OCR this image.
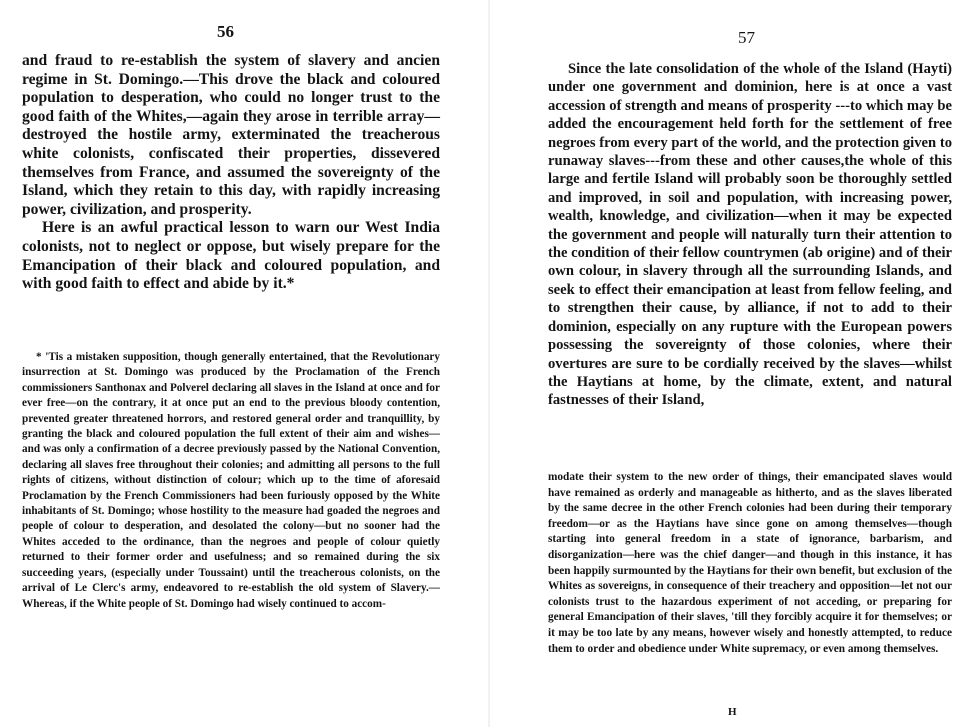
56

and fraud to re-establish the system of slavery and ancien regime in St. Domingo.—This drove the black and coloured population to desperation, who could no longer trust to the good faith of the Whites,—again they arose in terrible array—destroyed the hostile army, exterminated the treacherous white colonists, confiscated their properties, dissevered themselves from France, and assumed the sovereignty of the Island, which they retain to this day, with rapidly increasing power, civilization, and prosperity.

Here is an awful practical lesson to warn our West India colonists, not to neglect or oppose, but wisely prepare for the Emancipation of their black and coloured population, and with good faith to effect and abide by it.*

* 'Tis a mistaken supposition, though generally entertained, that the Revolutionary insurrection at St. Domingo was produced by the Proclamation of the French commissioners Santhonax and Polverel declaring all slaves in the Island at once and for ever free—on the contrary, it at once put an end to the previous bloody contention, prevented greater threatened horrors, and restored general order and tranquillity, by granting the black and coloured population the full extent of their aim and wishes—and was only a confirmation of a decree previously passed by the National Convention, declaring all slaves free throughout their colonies; and admitting all persons to the full rights of citizens, without distinction of colour; which up to the time of aforesaid Proclamation by the French Commissioners had been furiously opposed by the White inhabitants of St. Domingo; whose hostility to the measure had goaded the negroes and people of colour to desperation, and desolated the colony—but no sooner had the Whites acceded to the ordinance, than the negroes and people of colour quietly returned to their former order and usefulness; and so remained during the six succeeding years, (especially under Toussaint) until the treacherous colonists, on the arrival of Le Clerc's army, endeavored to re-establish the old system of Slavery.—Whereas, if the White people of St. Domingo had wisely continued to accom-

57

Since the late consolidation of the whole of the Island (Hayti) under one government and dominion, here is at once a vast accession of strength and means of prosperity ---to which may be added the encouragement held forth for the settlement of free negroes from every part of the world, and the protection given to runaway slaves---from these and other causes,the whole of this large and fertile Island will probably soon be thoroughly settled and improved, in soil and population, with increasing power, wealth, knowledge, and civilization—when it may be expected the government and people will naturally turn their attention to the condition of their fellow countrymen (ab origine) and of their own colour, in slavery through all the surrounding Islands, and seek to effect their emancipation at least from fellow feeling, and to strengthen their cause, by alliance, if not to add to their dominion, especially on any rupture with the European powers possessing the sovereignty of those colonies, where their overtures are sure to be cordially received by the slaves—whilst the Haytians at home, by the climate, extent, and natural fastnesses of their Island,

modate their system to the new order of things, their emancipated slaves would have remained as orderly and manageable as hitherto, and as the slaves liberated by the same decree in the other French colonies had been during their temporary freedom—or as the Haytians have since gone on among themselves—though starting into general freedom in a state of ignorance, barbarism, and disorganization—here was the chief danger—and though in this instance, it has been happily surmounted by the Haytians for their own benefit, but exclusion of the Whites as sovereigns, in consequence of their treachery and opposition—let not our colonists trust to the hazardous experiment of not acceding, or preparing for general Emancipation of their slaves, 'till they forcibly acquire it for themselves; or it may be too late by any means, however wisely and honestly attempted, to reduce them to order and obedience under White supremacy, or even among themselves.

H
